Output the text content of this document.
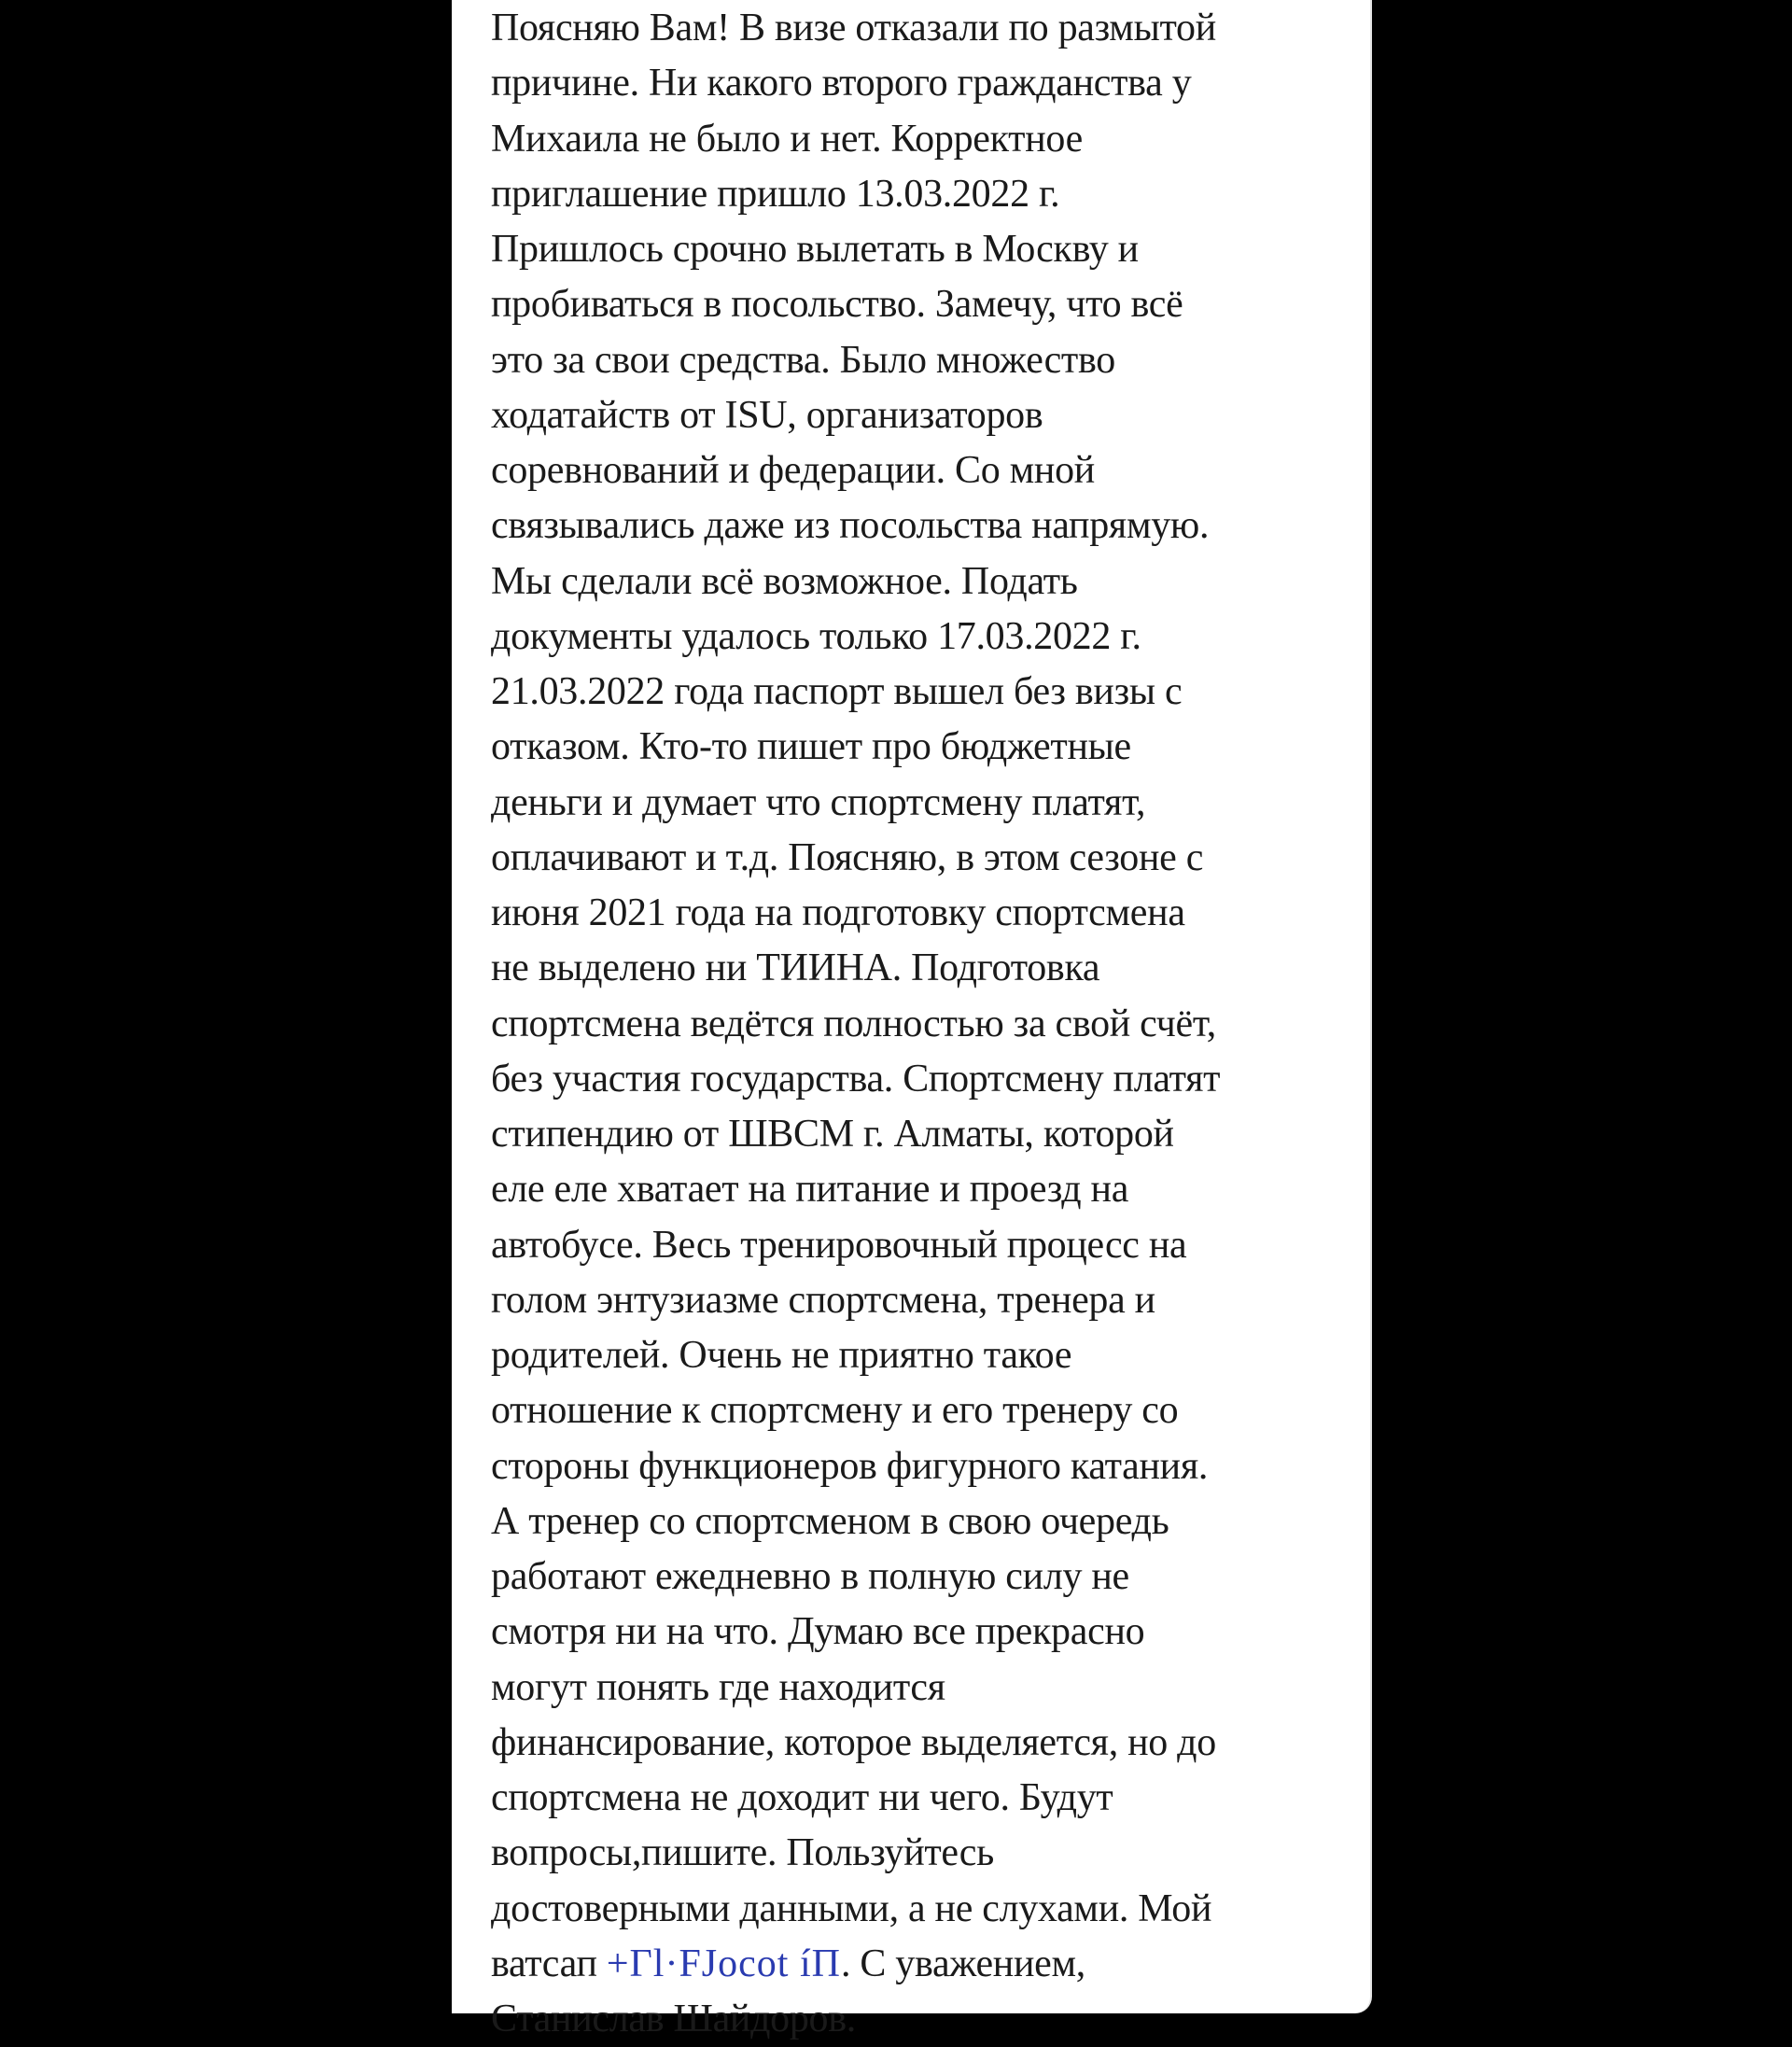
Поясняю Вам! В визе отказали по размытой
причине. Ни какого второго гражданства у
Михаила не было и нет. Корректное
приглашение пришло 13.03.2022 г.
Пришлось срочно вылетать в Москву и
пробиваться в посольство. Замечу, что всё
это за свои средства. Было множество
ходатайств от ISU, организаторов
соревнований и федерации. Со мной
связывались даже из посольства напрямую.
Мы сделали всё возможное. Подать
документы удалось только 17.03.2022 г.
21.03.2022 года паспорт вышел без визы с
отказом. Кто-то пишет про бюджетные
деньги и думает что спортсмену платят,
оплачивают и т.д. Поясняю, в этом сезоне с
июня 2021 года на подготовку спортсмена
не выделено ни ТИИНА. Подготовка
спортсмена ведётся полностью за свой счёт,
без участия государства. Спортсмену платят
стипендию от ШВСМ г. Алматы, которой
еле еле хватает на питание и проезд на
автобусе. Весь тренировочный процесс на
голом энтузиазме спортсмена, тренера и
родителей. Очень не приятно такое
отношение к спортсмену и его тренеру со
стороны функционеров фигурного катания.
А тренер со спортсменом в свою очередь
работают ежедневно в полную силу не
смотря ни на что. Думаю все прекрасно
могут понять где находится
финансирование, которое выделяется, но до
спортсмена не доходит ни чего. Будут
вопросы,пишите. Пользуйтесь
достоверными данными, а не слухами. Мой
ватсап +Гl·FJocot íΠ. С уважением,
Станислав Шайдоров.
